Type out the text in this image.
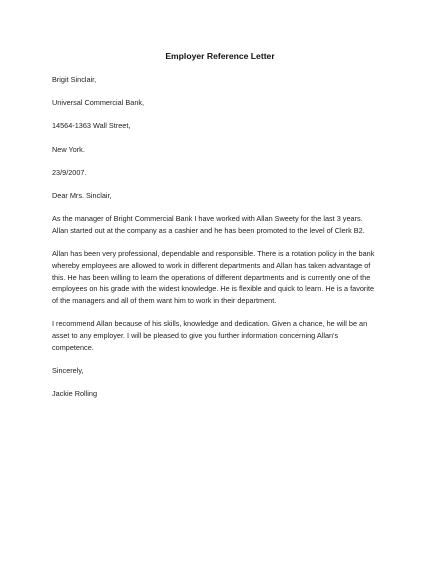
Employer Reference Letter
Brigit Sinclair,
Universal Commercial Bank,
14564-1363 Wall Street,
New York.
23/9/2007.
Dear Mrs. Sinclair,
As the manager of Bright Commercial Bank I have worked with Allan Sweety for the last 3 years.
Allan started out at the company as a cashier and he has been promoted to the level of Clerk B2.
Allan has been very professional, dependable and responsible. There is a rotation policy in the bank
whereby employees are allowed to work in different departments and Allan has taken advantage of
this. He has been willing to learn the operations of different departments and is currently one of the
employees on his grade with the widest knowledge. He is flexible and quick to learn. He is a favorite
of the managers and all of them want him to work in their department.
I recommend Allan because of his skills, knowledge and dedication. Given a chance, he will be an
asset to any employer. I will be pleased to give you further information concerning Allan's
competence.
Sincerely,
Jackie Rolling
